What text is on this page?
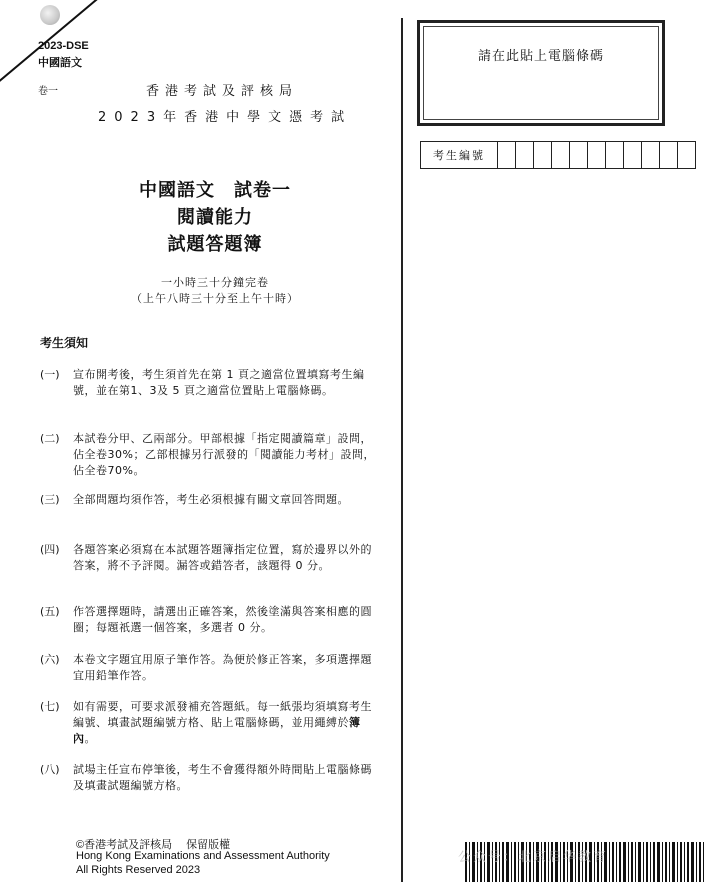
2023-DSE
中國語文
卷一	香港考試及評核局
2023年香港中學文憑考試
中國語文　試卷一
閱讀能力
試題答題簿
一小時三十分鐘完卷
（上午八時三十分至上午十時）
考生須知
(一)	宣布開考後，考生須首先在第 1 頁之適當位置填寫考生編號，並在第1、3及 5 頁之適當位置貼上電腦條碼。
(二)	本試卷分甲、乙兩部分。甲部根據「指定閱讀篇章」設問，佔全卷30%；乙部根據另行派發的「閱讀能力考材」設問，佔全卷70%。
(三)	全部問題均須作答，考生必須根據有關文章回答問題。
(四)	各題答案必須寫在本試題答題簿指定位置，寫於邊界以外的答案，將不予評閱。漏答或錯答者，該題得 0 分。
(五)	作答選擇題時，請選出正確答案，然後塗滿與答案相應的圓圈；每題祇選一個答案，多選者 0 分。
(六)	本卷文字題宜用原子筆作答。為便於修正答案，多項選擇題宜用鉛筆作答。
(七)	如有需要，可要求派發補充答題紙。每一紙張均須填寫考生編號、填畫試題編號方格、貼上電腦條碼，並用繩縛於簿內。
(八)	試場主任宣布停筆後，考生不會獲得額外時間貼上電腦條碼及填畫試題編號方格。
©香港考試及評核局　 保留版權
Hong Kong Examinations and Assessment Authority
All Rights Reserved 2023
請在此貼上電腦條碼
考生編號
公众号：北京启华教育
